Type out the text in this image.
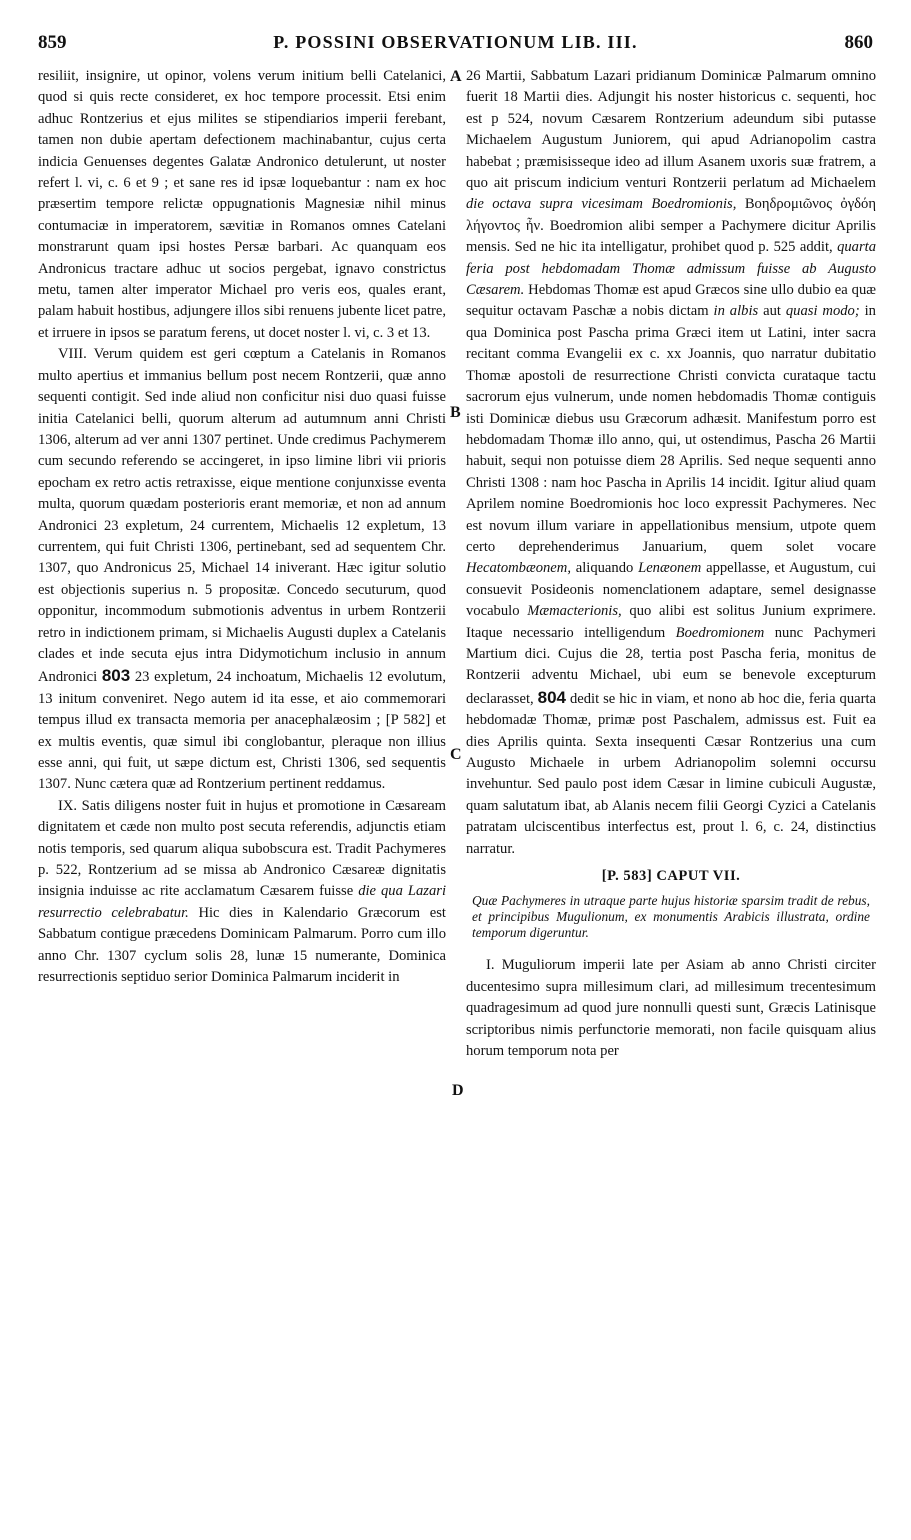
859	P. POSSINI OBSERVATIONUM LIB. III.	860
A
B
C
D

resiliit, insignire, ut opinor, volens verum initium belli Catelanici, quod si quis recte consideret, ex hoc tempore processit. Etsi enim adhuc Rontzerius et ejus milites se stipendiarios imperii ferebant, tamen non dubie apertam defectionem machinabantur, cujus certa indicia Genuenses degentes Galatæ Andronico detulerunt, ut noster refert l. vi, c. 6 et 9 ; et sane res id ipsæ loquebantur : nam ex hoc præsertim tempore relictæ oppugnationis Magnesiæ nihil minus contumaciæ in imperatorem, sævitiæ in Romanos omnes Catelani monstrarunt quam ipsi hostes Persæ barbari. Ac quanquam eos Andronicus tractare adhuc ut socios pergebat, ignavo constrictus metu, tamen alter imperator Michael pro veris eos, quales erant, palam habuit hostibus, adjungere illos sibi renuens jubente licet patre, et irruere in ipsos se paratum ferens, ut docet noster l. vi, c. 3 et 13.

VIII. Verum quidem est geri cœptum a Catelanis in Romanos multo apertius et immanius bellum post necem Rontzerii, quæ anno sequenti contigit. Sed inde aliud non conficitur nisi duo quasi fuisse initia Catelanici belli, quorum alterum ad autumnum anni Christi 1306, alterum ad ver anni 1307 pertinet. Unde credimus Pachymerem cum secundo referendo se accingeret, in ipso limine libri vii prioris epocham ex retro actis retraxisse, eique mentione conjunxisse eventa multa, quorum quædam posterioris erant memoriæ, et non ad annum Andronici 23 expletum, 24 currentem, Michaelis 12 expletum, 13 currentem, qui fuit Christi 1306, pertinebant, sed ad sequentem Chr. 1307, quo Andronicus 25, Michael 14 iniverant. Hæc igitur solutio est objectionis superius n. 5 propositæ. Concedo secuturum, quod opponitur, incommodum submotionis adventus in urbem Rontzerii retro in indictionem primam, si Michaelis Augusti duplex a Catelanis clades et inde secuta ejus intra Didymotichum inclusio in annum Andronici 803 23 expletum, 24 inchoatum, Michaelis 12 evolutum, 13 initum conveniret. Nego autem id ita esse, et aio commemorari tempus illud ex transacta memoria per anacephalæosim ; [P 582] et ex multis eventis, quæ simul ibi conglobantur, pleraque non illius esse anni, qui fuit, ut sæpe dictum est, Christi 1306, sed sequentis 1307. Nunc cætera quæ ad Rontzerium pertinent reddamus.

IX. Satis diligens noster fuit in hujus et promotione in Cæsaream dignitatem et cæde non multo post secuta referendis, adjunctis etiam notis temporis, sed quarum aliqua subobscura est. Tradit Pachymeres p. 522, Rontzerium ad se missa ab Andronico Cæsareæ dignitatis insignia induisse ac rite acclamatum Cæsarem fuisse die qua Lazari resurrectio celebrabatur. Hic dies in Kalendario Græcorum est Sabbatum contigue præcedens Dominicam Palmarum. Porro cum illo anno Chr. 1307 cyclum solis 28, lunæ 15 numerante, Dominica resurrectionis septiduo serior Dominica Palmarum inciderit in

26 Martii, Sabbatum Lazari pridianum Dominicæ Palmarum omnino fuerit 18 Martii dies. Adjungit his noster historicus c. sequenti, hoc est p 524, novum Cæsarem Rontzerium adeundum sibi putasse Michaelem Augustum Juniorem, qui apud Adrianopolim castra habebat ; præmisisseque ideo ad illum Asanem uxoris suæ fratrem, a quo ait priscum indicium venturi Rontzerii perlatum ad Michaelem die octava supra vicesimam Boedromionis, Βοηδρομιῶνος ὀγδόη λήγοντος ἦν. Boedromion alibi semper a Pachymere dicitur Aprilis mensis. Sed ne hic ita intelligatur, prohibet quod p. 525 addit, quarta feria post hebdomadam Thomæ admissum fuisse ab Augusto Cæsarem. Hebdomas Thomæ est apud Græcos sine ullo dubio ea quæ sequitur octavam Paschæ a nobis dictam in albis aut quasi modo; in qua Dominica post Pascha prima Græci item ut Latini, inter sacra recitant comma Evangelii ex c. xx Joannis, quo narratur dubitatio Thomæ apostoli de resurrectione Christi convicta curataque tactu sacrorum ejus vulnerum, unde nomen hebdomadis Thomæ contiguis isti Dominicæ diebus usu Græcorum adhæsit. Manifestum porro est hebdomadam Thomæ illo anno, qui, ut ostendimus, Pascha 26 Martii habuit, sequi non potuisse diem 28 Aprilis. Sed neque sequenti anno Christi 1308 : nam hoc Pascha in Aprilis 14 incidit. Igitur aliud quam Aprilem nomine Boedromionis hoc loco expressit Pachymeres. Nec est novum illum variare in appellationibus mensium, utpote quem certo deprehenderimus Januarium, quem solet vocare Hecatombæonem, aliquando Lenæonem appellasse, et Augustum, cui consuevit Posideonis nomenclationem adaptare, semel designasse vocabulo Mæmacterionis, quo alibi est solitus Junium exprimere. Itaque necessario intelligendum Boedromionem nunc Pachymeri Martium dici. Cujus die 28, tertia post Pascha feria, monitus de Rontzerii adventu Michael, ubi eum se benevole excepturum declarasset, 804 dedit se hic in viam, et nono ab hoc die, feria quarta hebdomadæ Thomæ, primæ post Paschalem, admissus est. Fuit ea dies Aprilis quinta. Sexta insequenti Cæsar Rontzerius una cum Augusto Michaele in urbem Adrianopolim solemni occursu invehuntur. Sed paulo post idem Cæsar in limine cubiculi Augustæ, quam salutatum ibat, ab Alanis necem filii Georgi Cyzici a Catelanis patratam ulciscentibus interfectus est, prout l. 6, c. 24, distinctius narratur.

[P. 583] CAPUT VII.

Quæ Pachymeres in utraque parte hujus historiæ sparsim tradit de rebus, et principibus Mugulionum, ex monumentis Arabicis illustrata, ordine temporum digeruntur.

I. Muguliorum imperii late per Asiam ab anno Christi circiter ducentesimo supra millesimum clari, ad millesimum trecentesimum quadragesimum ad quod jure nonnulli questi sunt, Græcis Latinisque scriptoribus nimis perfunctorie memorati, non facile quisquam alius horum temporum nota per
